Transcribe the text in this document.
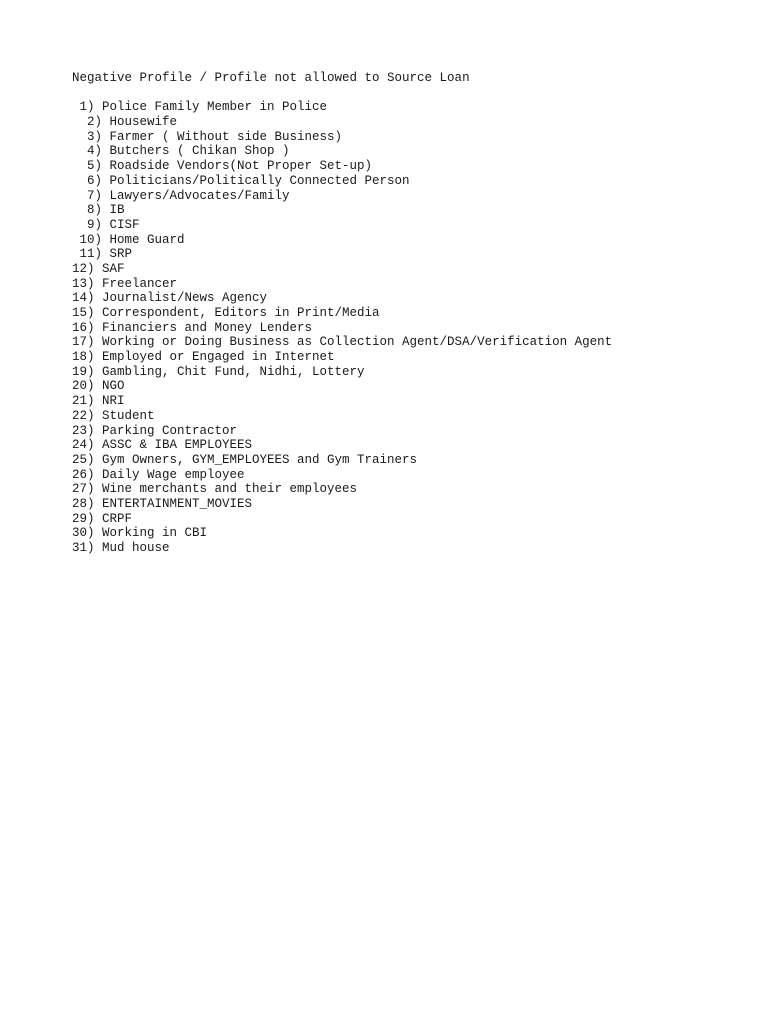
Negative Profile / Profile not allowed to Source Loan
1) Police Family Member in Police
2) Housewife
3) Farmer ( Without side Business)
4) Butchers ( Chikan Shop )
5) Roadside Vendors(Not Proper Set-up)
6) Politicians/Politically Connected Person
7) Lawyers/Advocates/Family
8) IB
9) CISF
10) Home Guard
11) SRP
12) SAF
13) Freelancer
14) Journalist/News Agency
15) Correspondent, Editors in Print/Media
16) Financiers and Money Lenders
17) Working or Doing Business as Collection Agent/DSA/Verification Agent
18) Employed or Engaged in Internet
19) Gambling, Chit Fund, Nidhi, Lottery
20) NGO
21) NRI
22) Student
23) Parking Contractor
24) ASSC & IBA EMPLOYEES
25) Gym Owners, GYM_EMPLOYEES and Gym Trainers
26) Daily Wage employee
27) Wine merchants and their employees
28) ENTERTAINMENT_MOVIES
29) CRPF
30) Working in CBI
31) Mud house
